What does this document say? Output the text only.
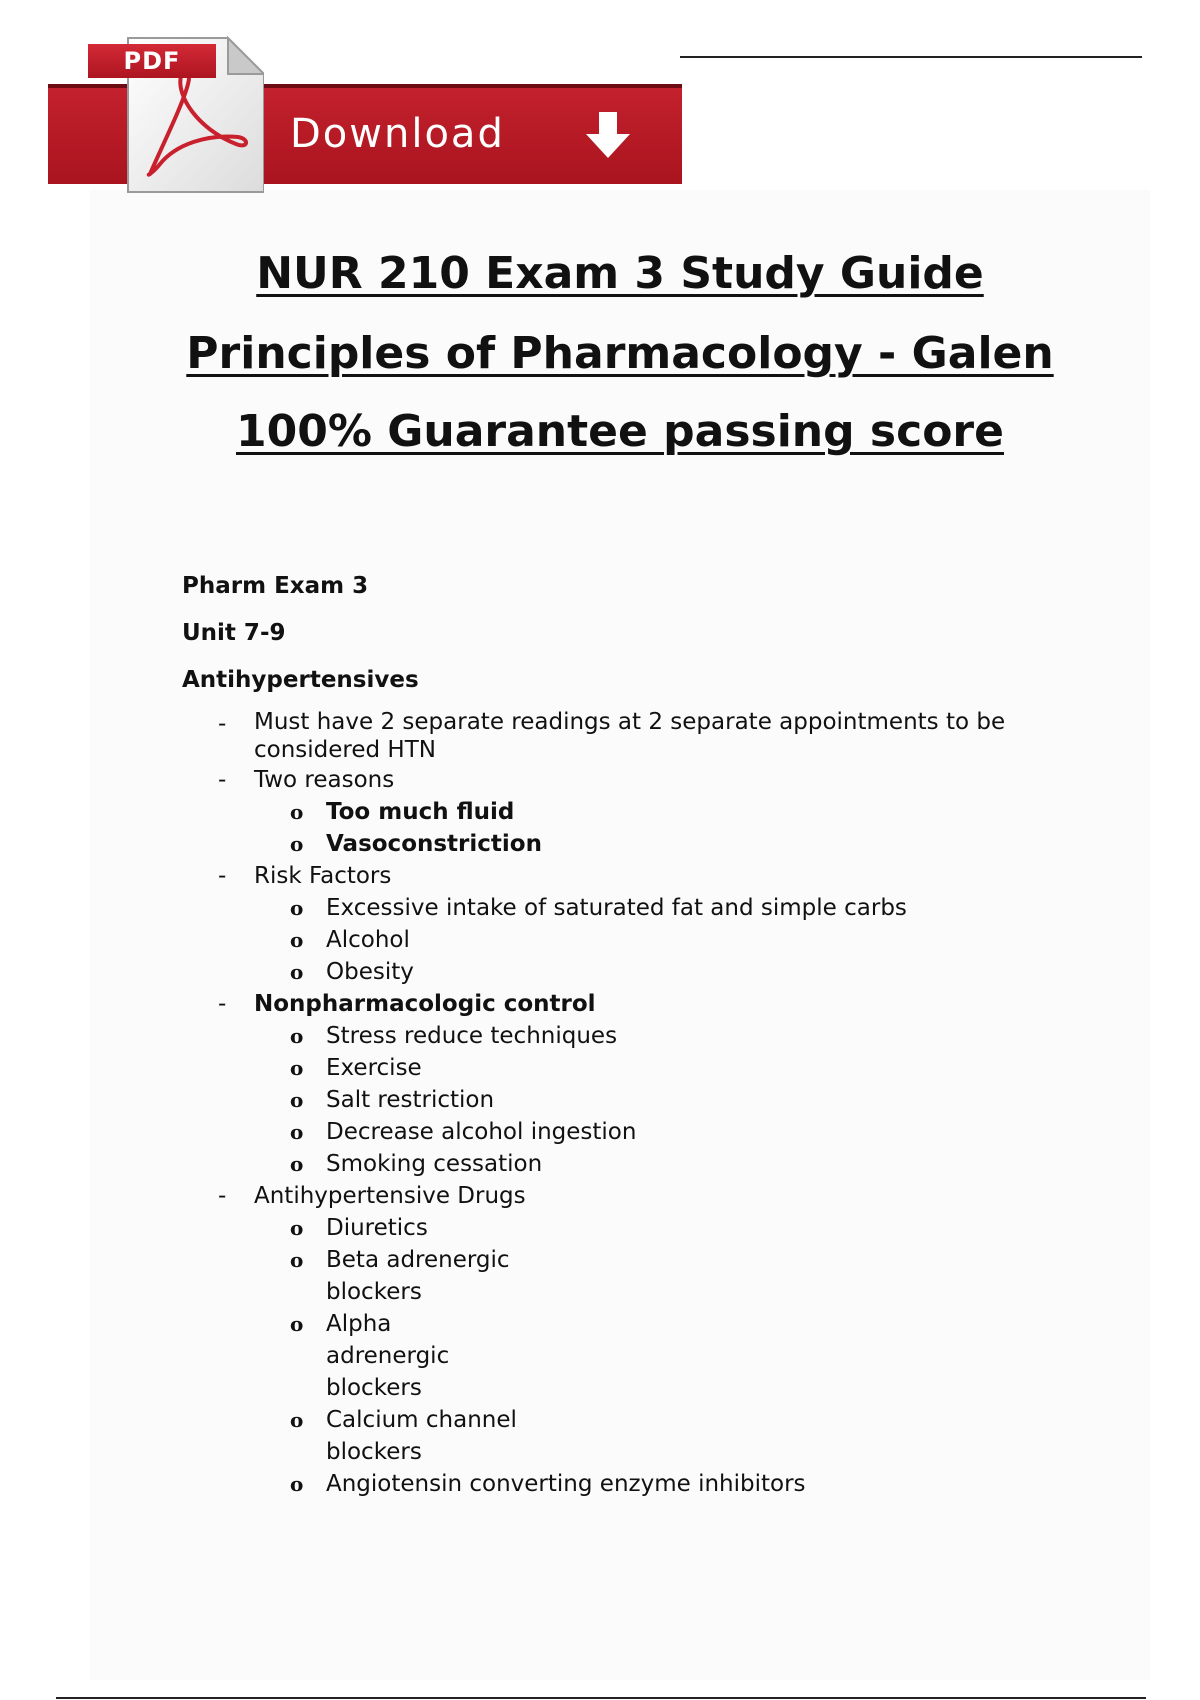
PDF
Download
NUR 210 Exam 3 Study Guide
Principles of Pharmacology - Galen
100% Guarantee passing score

Pharm Exam 3

Unit 7-9

Antihypertensives

- Must have 2 separate readings at 2 separate appointments to be considered HTN
- Two reasons
o Too much fluid
o Vasoconstriction
- Risk Factors
o Excessive intake of saturated fat and simple carbs
o Alcohol
o Obesity
- Nonpharmacologic control
o Stress reduce techniques
o Exercise
o Salt restriction
o Decrease alcohol ingestion
o Smoking cessation
- Antihypertensive Drugs
o Diuretics
o Beta adrenergic blockers
o Alpha adrenergic blockers
o Calcium channel blockers
o Angiotensin converting enzyme inhibitors
